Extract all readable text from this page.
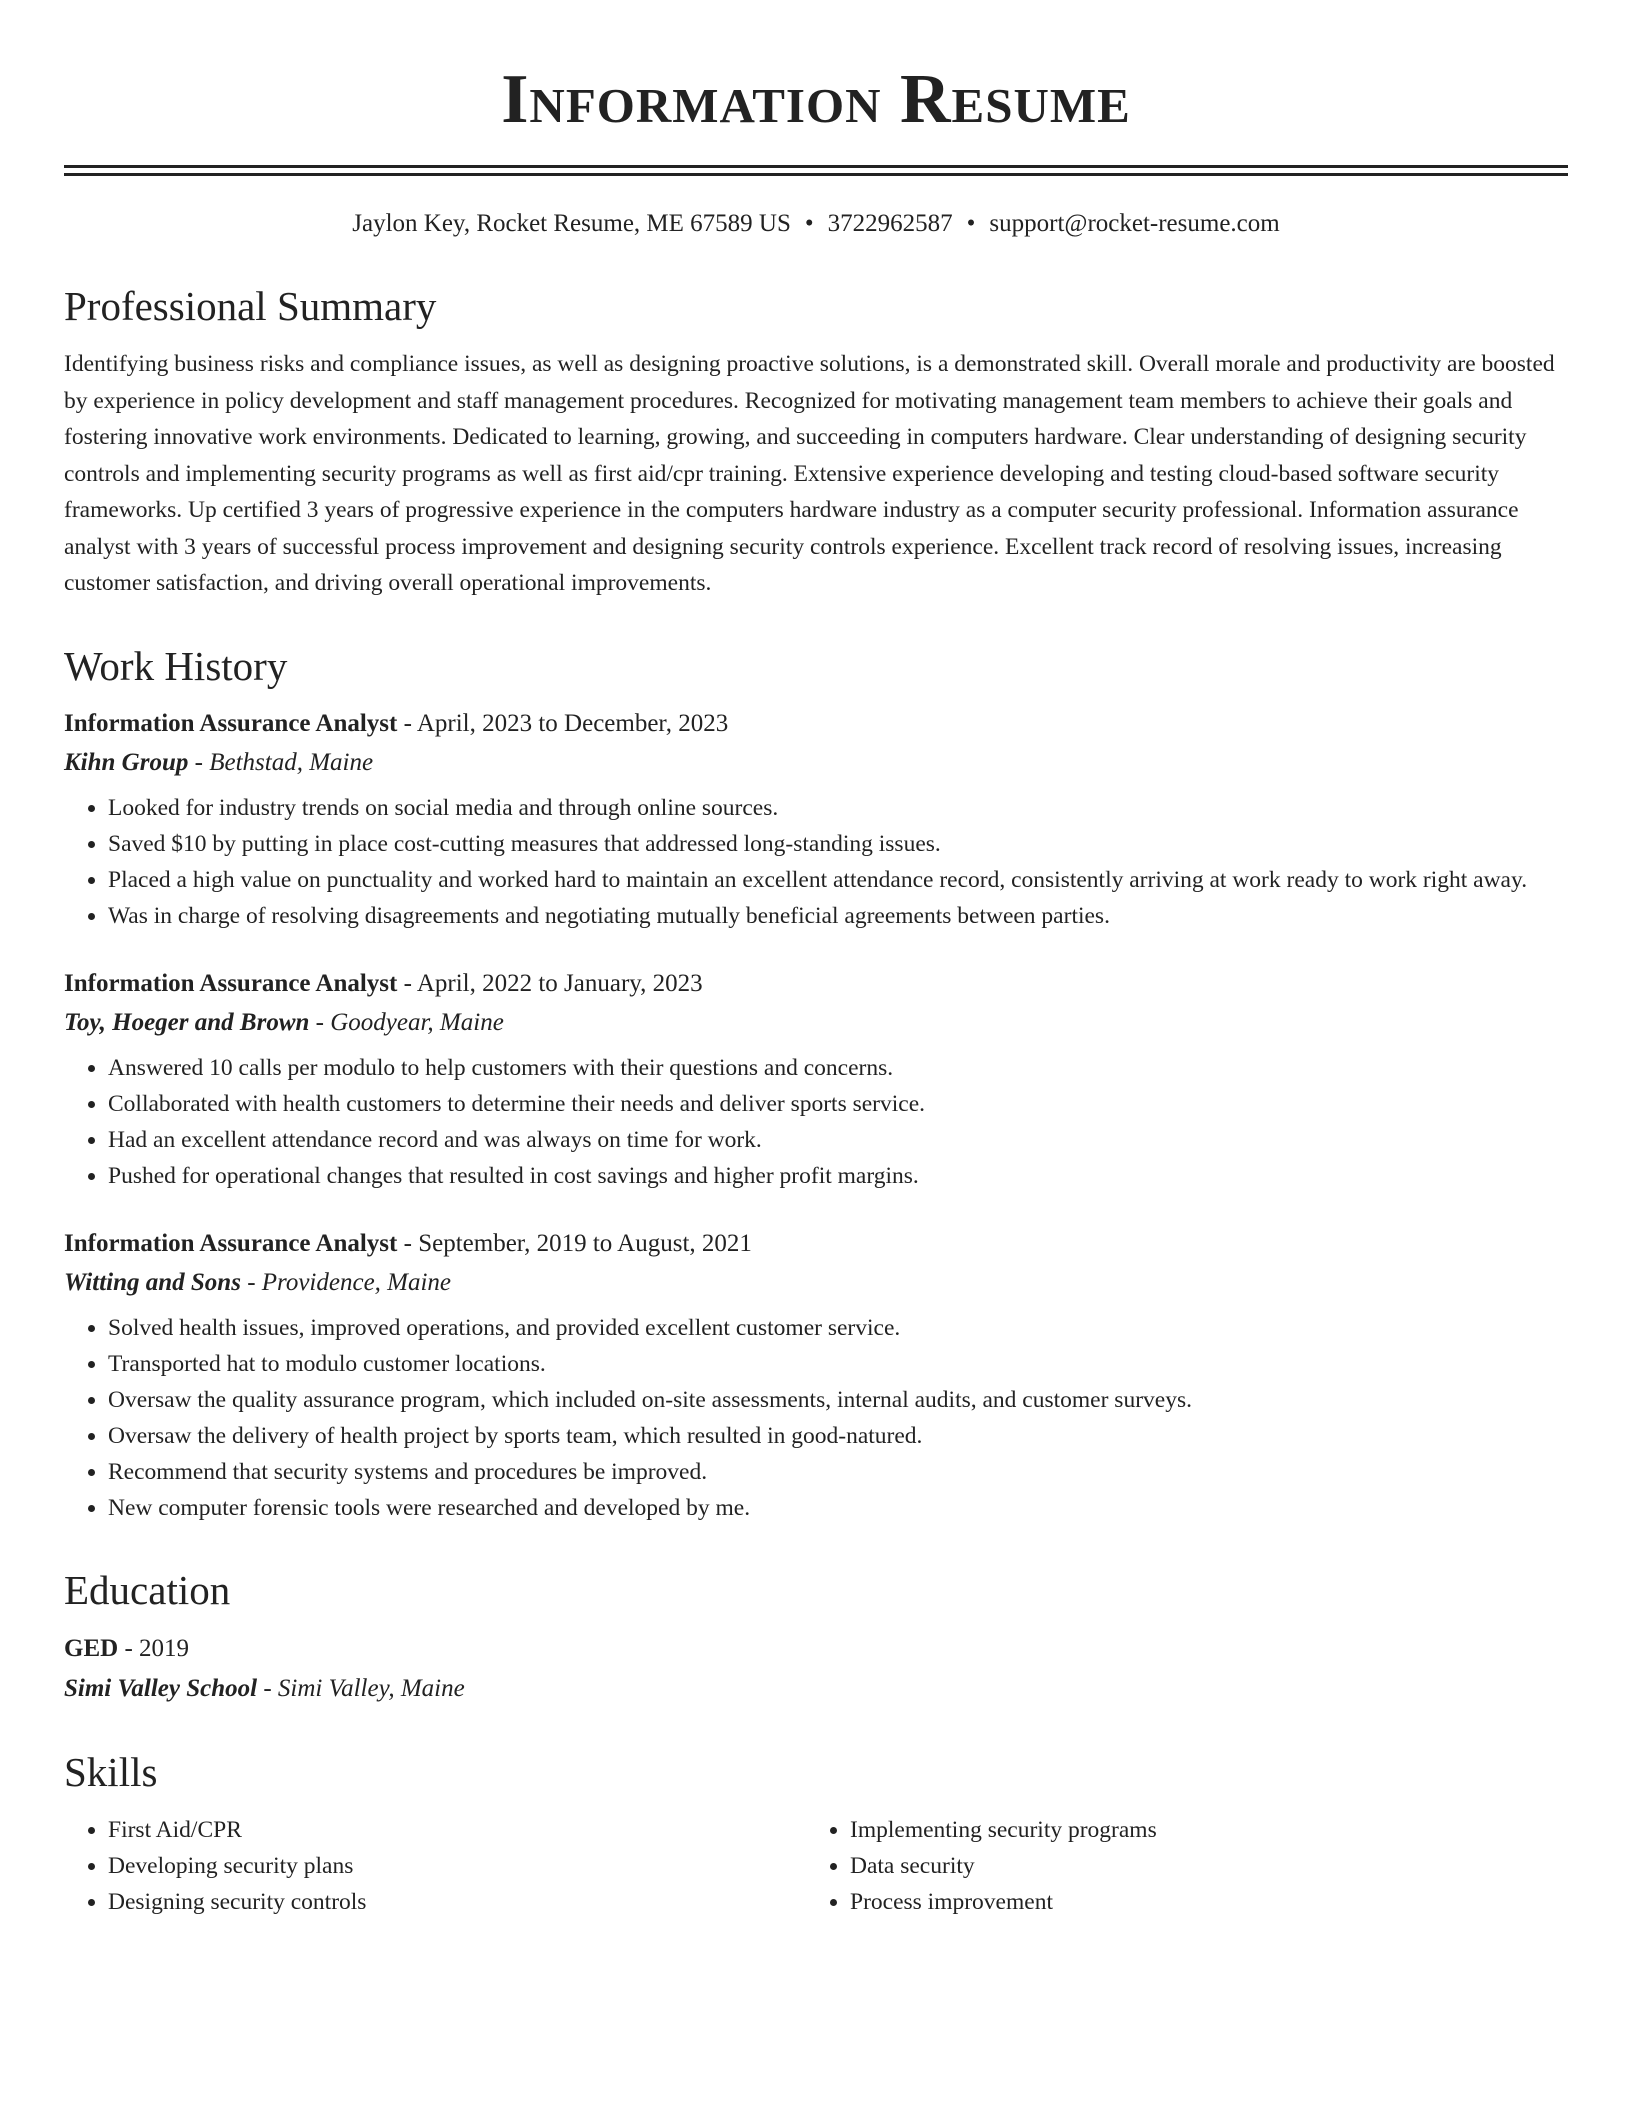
Information Resume
Jaylon Key, Rocket Resume, ME 67589 US • 3722962587 • support@rocket-resume.com
Professional Summary

Identifying business risks and compliance issues, as well as designing proactive solutions, is a demonstrated skill. Overall morale and productivity are boosted by experience in policy development and staff management procedures. Recognized for motivating management team members to achieve their goals and fostering innovative work environments. Dedicated to learning, growing, and succeeding in computers hardware. Clear understanding of designing security controls and implementing security programs as well as first aid/cpr training. Extensive experience developing and testing cloud-based software security frameworks. Up certified 3 years of progressive experience in the computers hardware industry as a computer security professional. Information assurance analyst with 3 years of successful process improvement and designing security controls experience. Excellent track record of resolving issues, increasing customer satisfaction, and driving overall operational improvements.

Work History

Information Assurance Analyst - April, 2023 to December, 2023

Kihn Group - Bethstad, Maine

• Looked for industry trends on social media and through online sources.
• Saved $10 by putting in place cost-cutting measures that addressed long-standing issues.
• Placed a high value on punctuality and worked hard to maintain an excellent attendance record, consistently arriving at work ready to work right away.
• Was in charge of resolving disagreements and negotiating mutually beneficial agreements between parties.

Information Assurance Analyst - April, 2022 to January, 2023

Toy, Hoeger and Brown - Goodyear, Maine

• Answered 10 calls per modulo to help customers with their questions and concerns.
• Collaborated with health customers to determine their needs and deliver sports service.
• Had an excellent attendance record and was always on time for work.
• Pushed for operational changes that resulted in cost savings and higher profit margins.

Information Assurance Analyst - September, 2019 to August, 2021

Witting and Sons - Providence, Maine

• Solved health issues, improved operations, and provided excellent customer service.
• Transported hat to modulo customer locations.
• Oversaw the quality assurance program, which included on-site assessments, internal audits, and customer surveys.
• Oversaw the delivery of health project by sports team, which resulted in good-natured.
• Recommend that security systems and procedures be improved.
• New computer forensic tools were researched and developed by me.
Education

GED - 2019

Simi Valley School - Simi Valley, Maine

Skills
• First Aid/CPR
• Developing security plans
• Designing security controls
• Implementing security programs
• Data security
• Process improvement
